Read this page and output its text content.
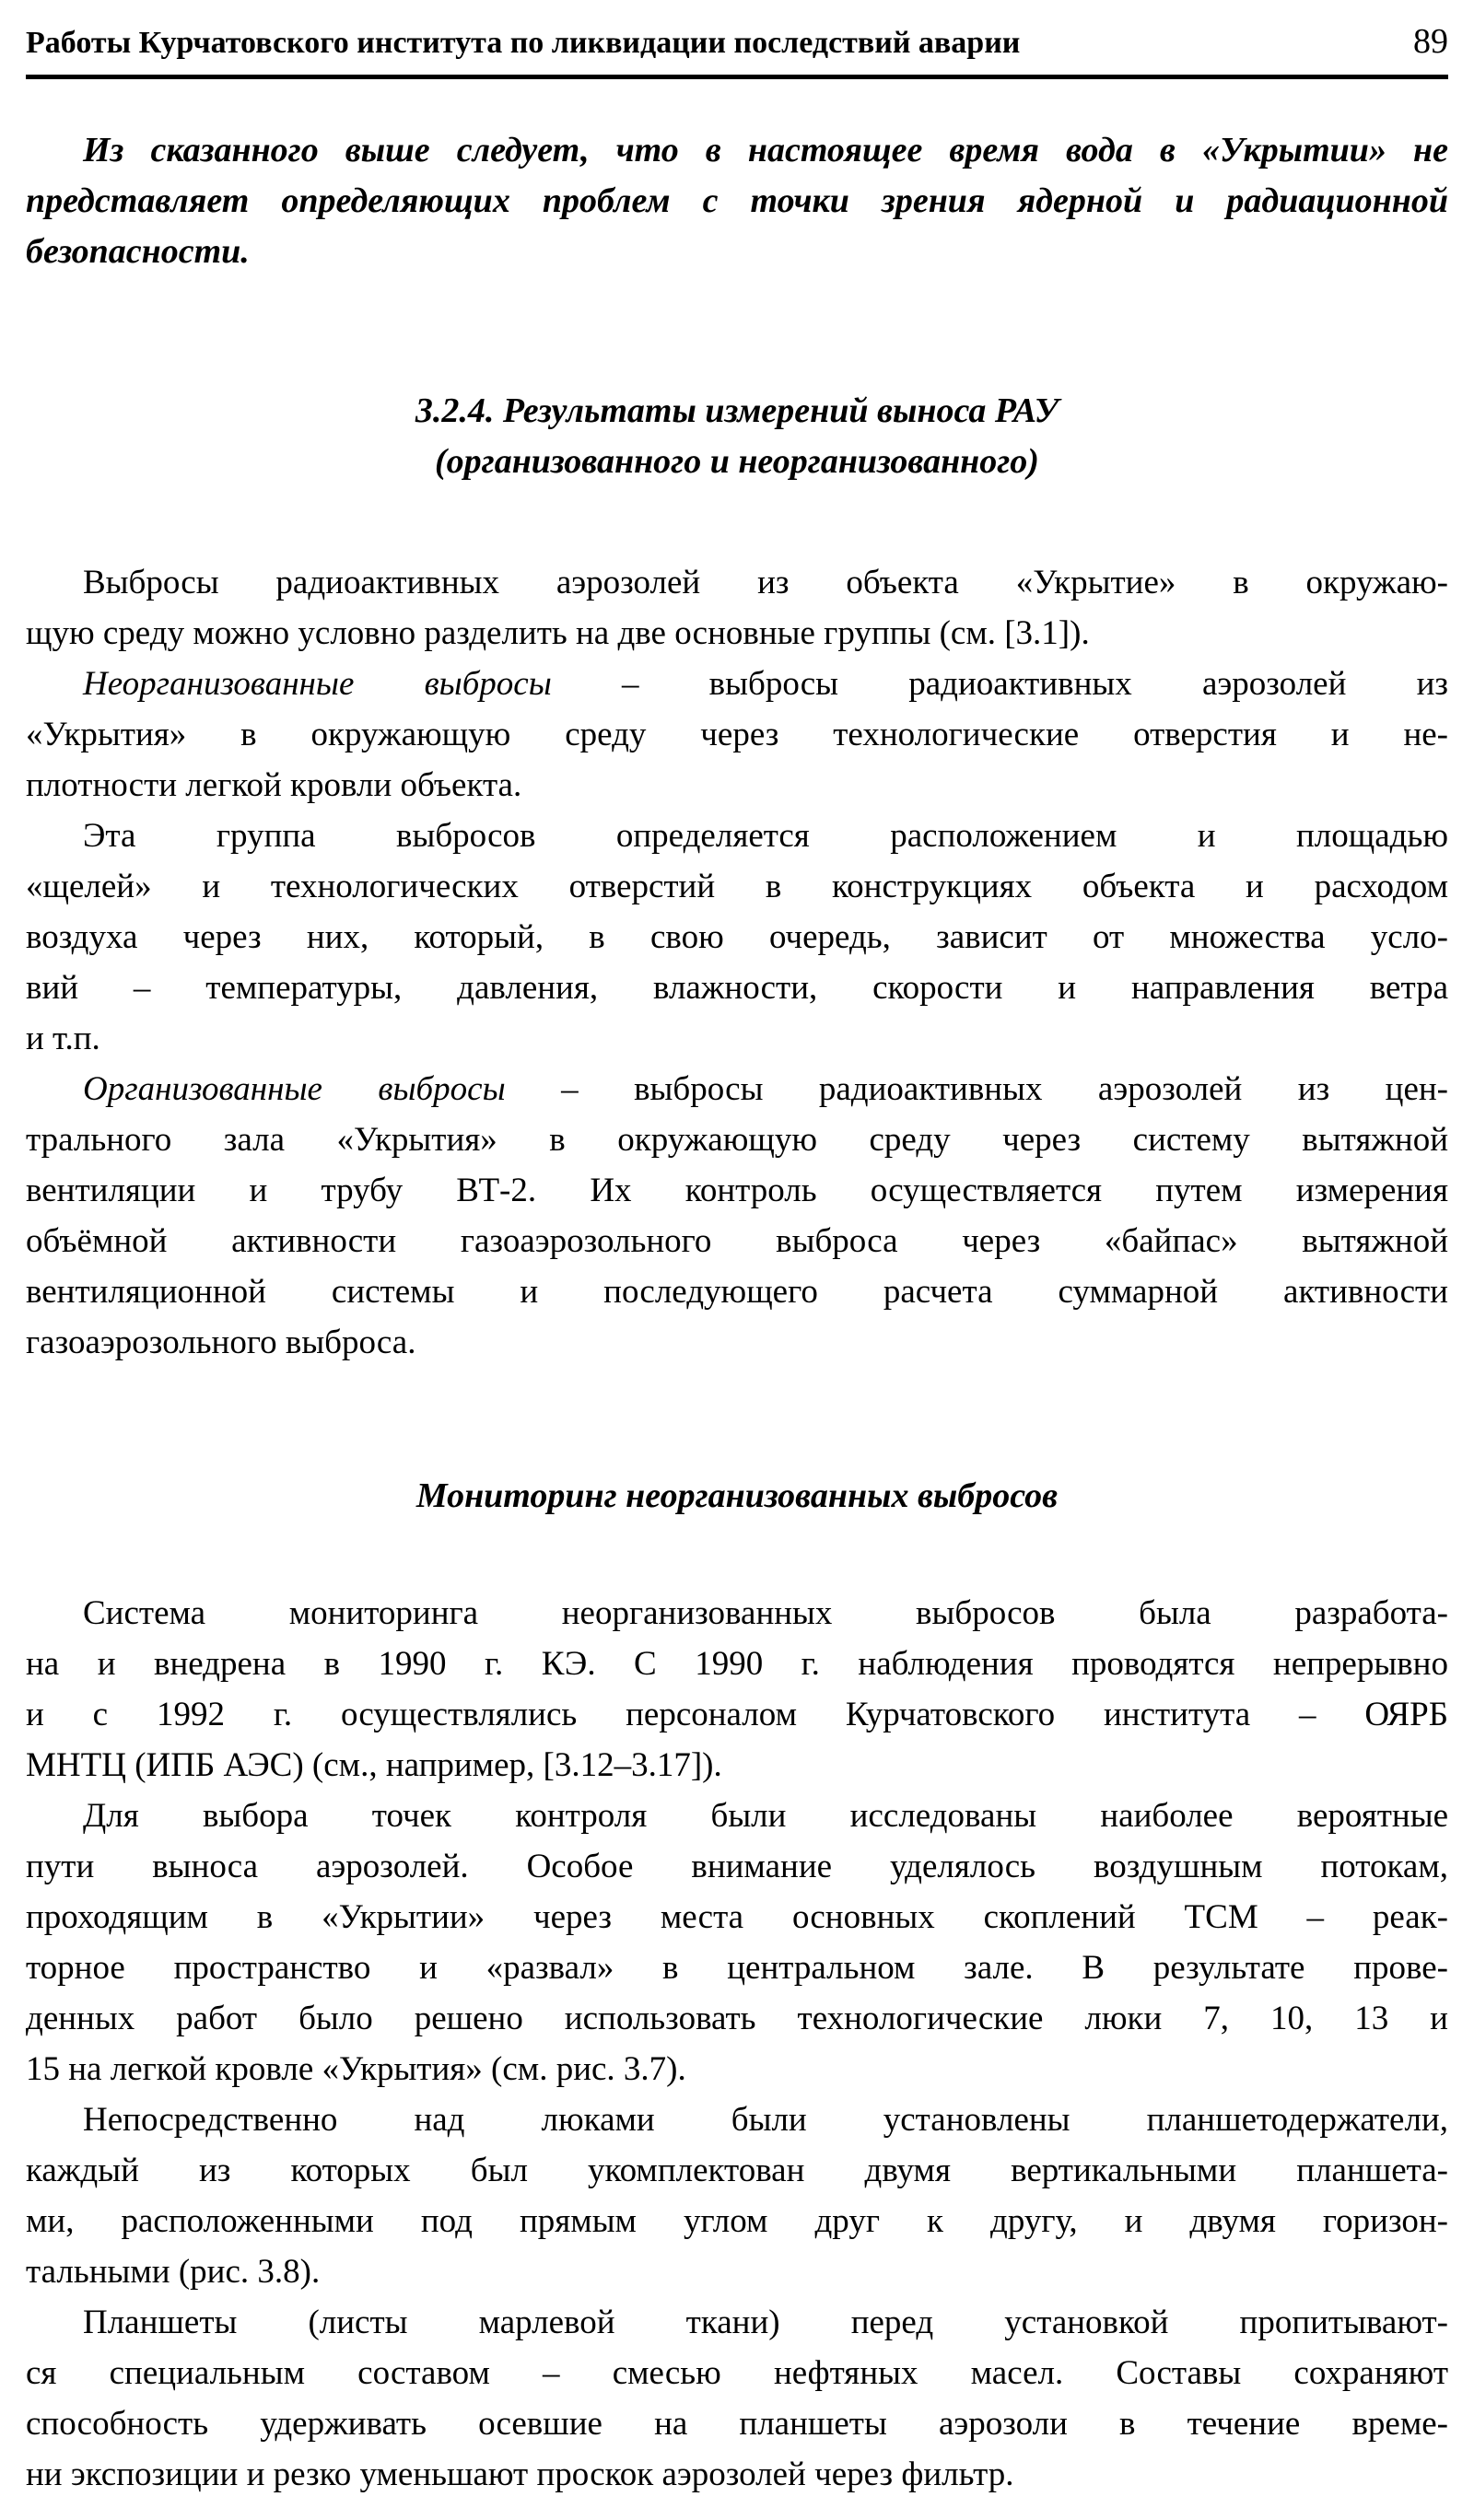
Работы Курчатовского института по ликвидации последствий аварии	89
Из сказанного выше следует, что в настоящее время вода в «Укрытии» не
представляет определяющих проблем с точки зрения ядерной и радиационной
безопасности.
3.2.4. Результаты измерений выноса РАУ
(организованного и неорганизованного)
Выбросы радиоактивных аэрозолей из объекта «Укрытие» в окружаю-
щую среду можно условно разделить на две основные группы (см. [3.1]).
Неорганизованные выбросы – выбросы радиоактивных аэрозолей из
«Укрытия» в окружающую среду через технологические отверстия и не-
плотности легкой кровли объекта.
Эта группа выбросов определяется расположением и площадью
«щелей» и технологических отверстий в конструкциях объекта и расходом
воздуха через них, который, в свою очередь, зависит от множества усло-
вий – температуры, давления, влажности, скорости и направления ветра
и т.п.
Организованные выбросы – выбросы радиоактивных аэрозолей из цен-
трального зала «Укрытия» в окружающую среду через систему вытяжной
вентиляции и трубу ВТ-2. Их контроль осуществляется путем измерения
объёмной активности газоаэрозольного выброса через «байпас» вытяжной
вентиляционной системы и последующего расчета суммарной активности
газоаэрозольного выброса.
Мониторинг неорганизованных выбросов
Система мониторинга неорганизованных выбросов была разработа-
на и внедрена в 1990 г. КЭ. С 1990 г. наблюдения проводятся непрерывно
и с 1992 г. осуществлялись персоналом Курчатовского института – ОЯРБ
МНТЦ (ИПБ АЭС) (см., например, [3.12–3.17]).
Для выбора точек контроля были исследованы наиболее вероятные
пути выноса аэрозолей. Особое внимание уделялось воздушным потокам,
проходящим в «Укрытии» через места основных скоплений ТСМ – реак-
торное пространство и «развал» в центральном зале. В результате прове-
денных работ было решено использовать технологические люки 7, 10, 13 и
15 на легкой кровле «Укрытия» (см. рис. 3.7).
Непосредственно над люками были установлены планшетодержатели,
каждый из которых был укомплектован двумя вертикальными планшета-
ми, расположенными под прямым углом друг к другу, и двумя горизон-
тальными (рис. 3.8).
Планшеты (листы марлевой ткани) перед установкой пропитывают-
ся специальным составом – смесью нефтяных масел. Составы сохраняют
способность удерживать осевшие на планшеты аэрозоли в течение време-
ни экспозиции и резко уменьшают проскок аэрозолей через фильтр.
